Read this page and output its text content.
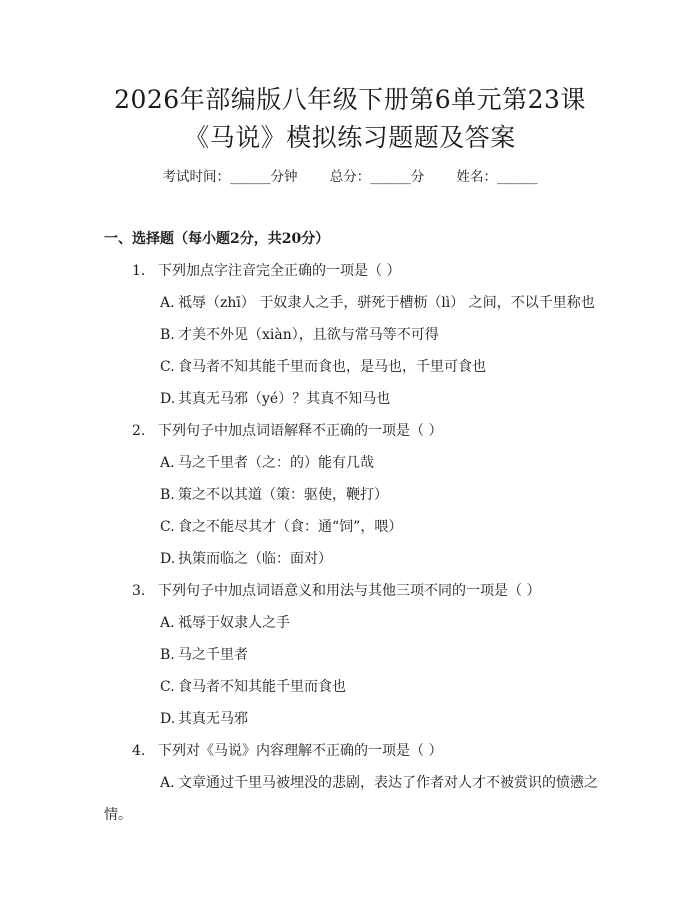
2026年部编版八年级下册第6单元第23课
《马说》模拟练习题题及答案
考试时间：______分钟 总分：______分 姓名：______
一、选择题（每小题2分，共20分）
1. 下列加点字注音完全正确的一项是（ ）
A. 祗辱（zhī） 于奴隶人之手，骈死于槽枥（lì） 之间，不以千里称也
B. 才美不外见（xiàn），且欲与常马等不可得
C. 食马者不知其能千里而食也，是马也，千里可食也
D. 其真无马邪（yé）？其真不知马也
2. 下列句子中加点词语解释不正确的一项是（ ）
A. 马之千里者（之：的）能有几哉
B. 策之不以其道（策：驱使，鞭打）
C. 食之不能尽其才（食：通“饲”，喂）
D. 执策而临之（临：面对）
3. 下列句子中加点词语意义和用法与其他三项不同的一项是（ ）
A. 祗辱于奴隶人之手
B. 马之千里者
C. 食马者不知其能千里而食也
D. 其真无马邪
4. 下列对《马说》内容理解不正确的一项是（ ）
A. 文章通过千里马被埋没的悲剧，表达了作者对人才不被赏识的愤懑之情。
